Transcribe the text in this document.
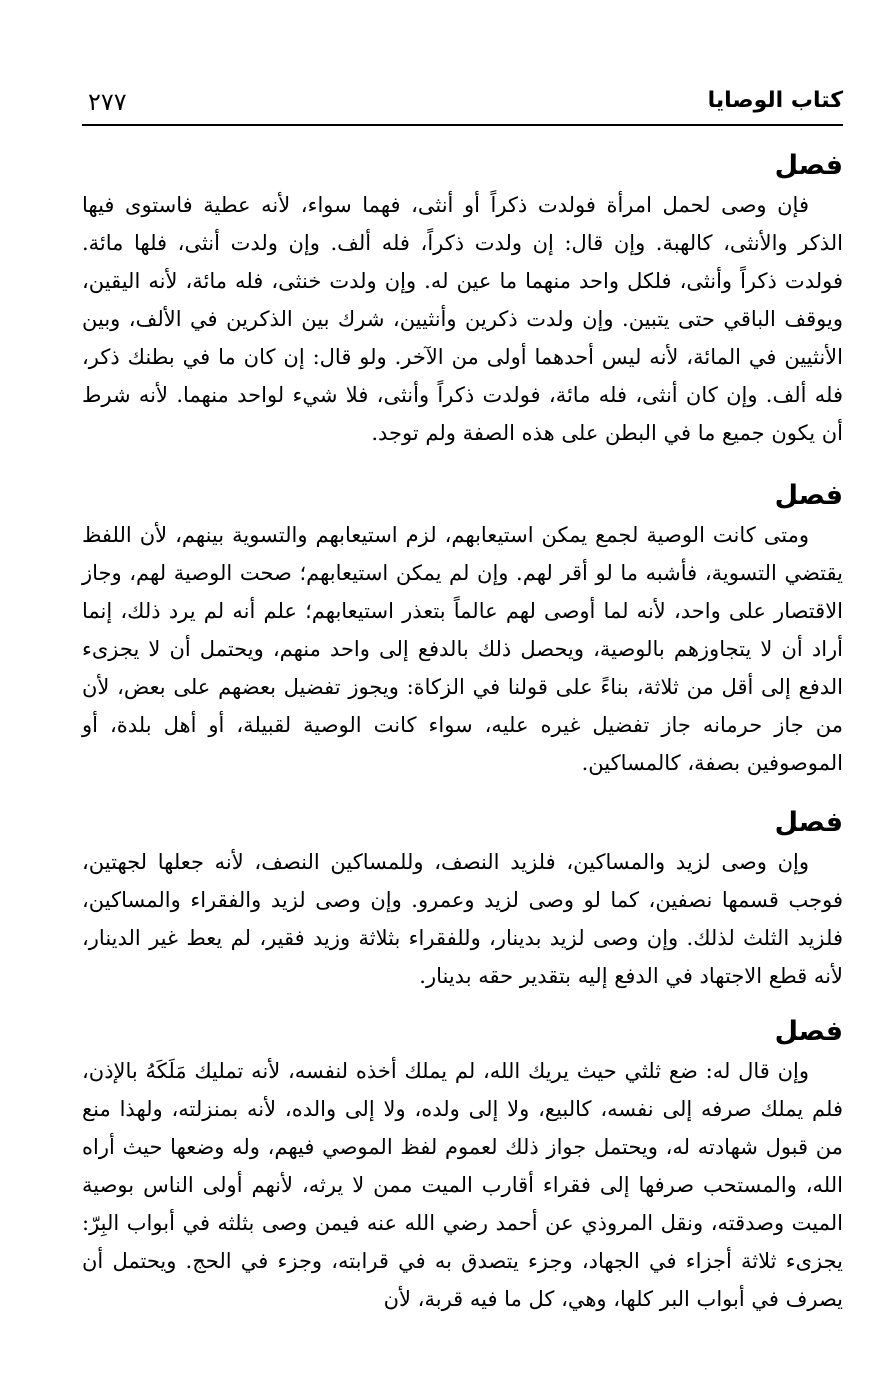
كتاب الوصايا
٢٧٧

فصل

فإن وصى لحمل امرأة فولدت ذكراً أو أنثى، فهما سواء، لأنه عطية فاستوى فيها الذكر والأنثى، كالهبة. وإن قال: إن ولدت ذكراً، فله ألف. وإن ولدت أنثى، فلها مائة. فولدت ذكراً وأنثى، فلكل واحد منهما ما عين له. وإن ولدت خنثى، فله مائة، لأنه اليقين، ويوقف الباقي حتى يتبين. وإن ولدت ذكرين وأنثيين، شرك بين الذكرين في الألف، وبين الأنثيين في المائة، لأنه ليس أحدهما أولى من الآخر. ولو قال: إن كان ما في بطنك ذكر، فله ألف. وإن كان أنثى، فله مائة، فولدت ذكراً وأنثى، فلا شيء لواحد منهما. لأنه شرط أن يكون جميع ما في البطن على هذه الصفة ولم توجد.

فصل

ومتى كانت الوصية لجمع يمكن استيعابهم، لزم استيعابهم والتسوية بينهم، لأن اللفظ يقتضي التسوية، فأشبه ما لو أقر لهم. وإن لم يمكن استيعابهم؛ صحت الوصية لهم، وجاز الاقتصار على واحد، لأنه لما أوصى لهم عالماً بتعذر استيعابهم؛ علم أنه لم يرد ذلك، إنما أراد أن لا يتجاوزهم بالوصية، ويحصل ذلك بالدفع إلى واحد منهم، ويحتمل أن لا يجزىء الدفع إلى أقل من ثلاثة، بناءً على قولنا في الزكاة: ويجوز تفضيل بعضهم على بعض، لأن من جاز حرمانه جاز تفضيل غيره عليه، سواء كانت الوصية لقبيلة، أو أهل بلدة، أو الموصوفين بصفة، كالمساكين.

فصل

وإن وصى لزيد والمساكين، فلزيد النصف، وللمساكين النصف، لأنه جعلها لجهتين، فوجب قسمها نصفين، كما لو وصى لزيد وعمرو. وإن وصى لزيد والفقراء والمساكين، فلزيد الثلث لذلك. وإن وصى لزيد بدينار، وللفقراء بثلاثة وزيد فقير، لم يعط غير الدينار، لأنه قطع الاجتهاد في الدفع إليه بتقدير حقه بدينار.

فصل

وإن قال له: ضع ثلثي حيث يريك الله، لم يملك أخذه لنفسه، لأنه تمليك مَلَكَهُ بالإذن، فلم يملك صرفه إلى نفسه، كالبيع، ولا إلى ولده، ولا إلى والده، لأنه بمنزلته، ولهذا منع من قبول شهادته له، ويحتمل جواز ذلك لعموم لفظ الموصي فيهم، وله وضعها حيث أراه الله، والمستحب صرفها إلى فقراء أقارب الميت ممن لا يرثه، لأنهم أولى الناس بوصية الميت وصدقته، ونقل المروذي عن أحمد رضي الله عنه فيمن وصى بثلثه في أبواب البِرّ: يجزىء ثلاثة أجزاء في الجهاد، وجزء يتصدق به في قرابته، وجزء في الحج. ويحتمل أن يصرف في أبواب البر كلها، وهي، كل ما فيه قربة، لأن
